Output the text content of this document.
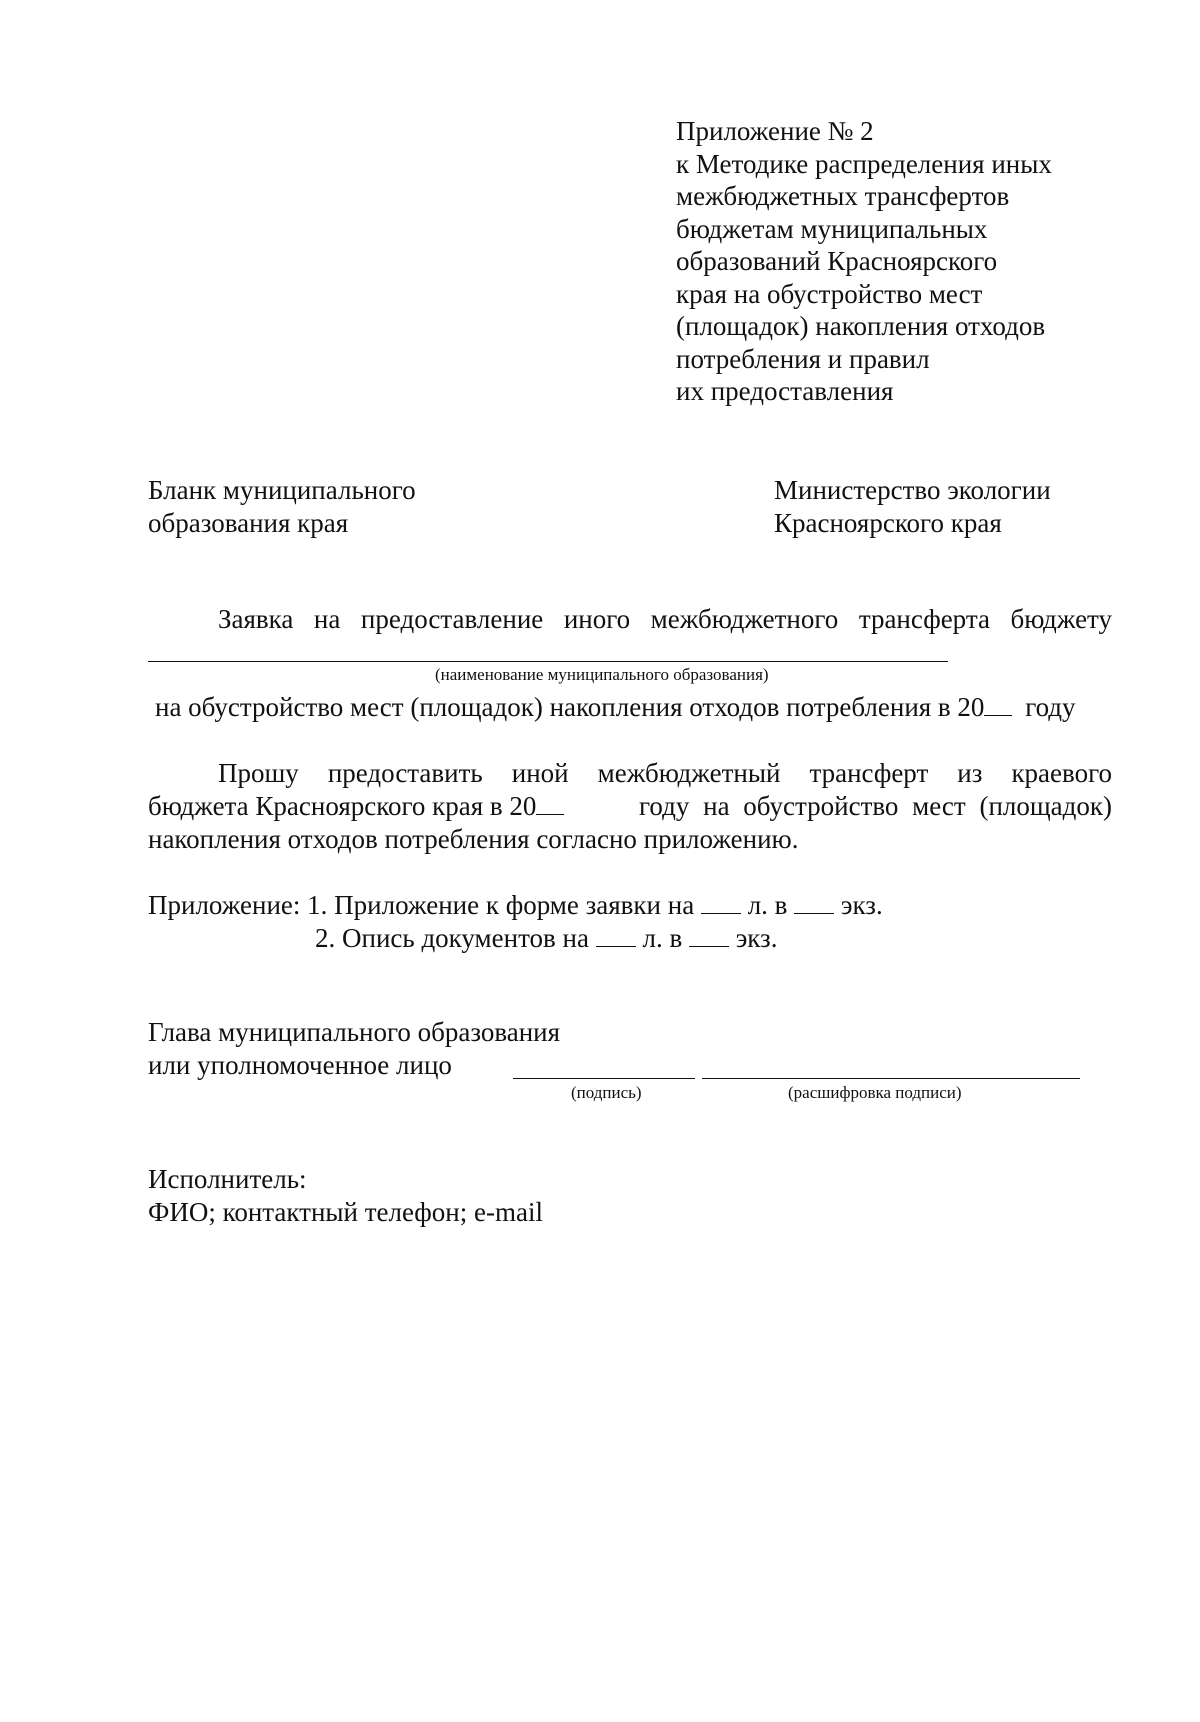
Приложение № 2
к Методике распределения иных
межбюджетных трансфертов
бюджетам муниципальных
образований Красноярского
края на обустройство мест
(площадок) накопления отходов
потребления и правил
их предоставления
Бланк муниципального
образования края
Министерство экологии
Красноярского края
Заявка на предоставление иного межбюджетного трансферта бюджету
(наименование муниципального образования)
на обустройство мест (площадок) накопления отходов потребления в 20 году
Прошу предоставить иной межбюджетный трансферт из краевого
бюджета Красноярского края в 20	году на обустройство мест (площадок)
накопления отходов потребления согласно приложению.
Приложение: 1. Приложение к форме заявки на л. в экз.
2. Опись документов на л. в экз.
Глава муниципального образования
или уполномоченное лицо
(подпись)	(расшифровка подписи)
Исполнитель:
ФИО; контактный телефон; e-mail
